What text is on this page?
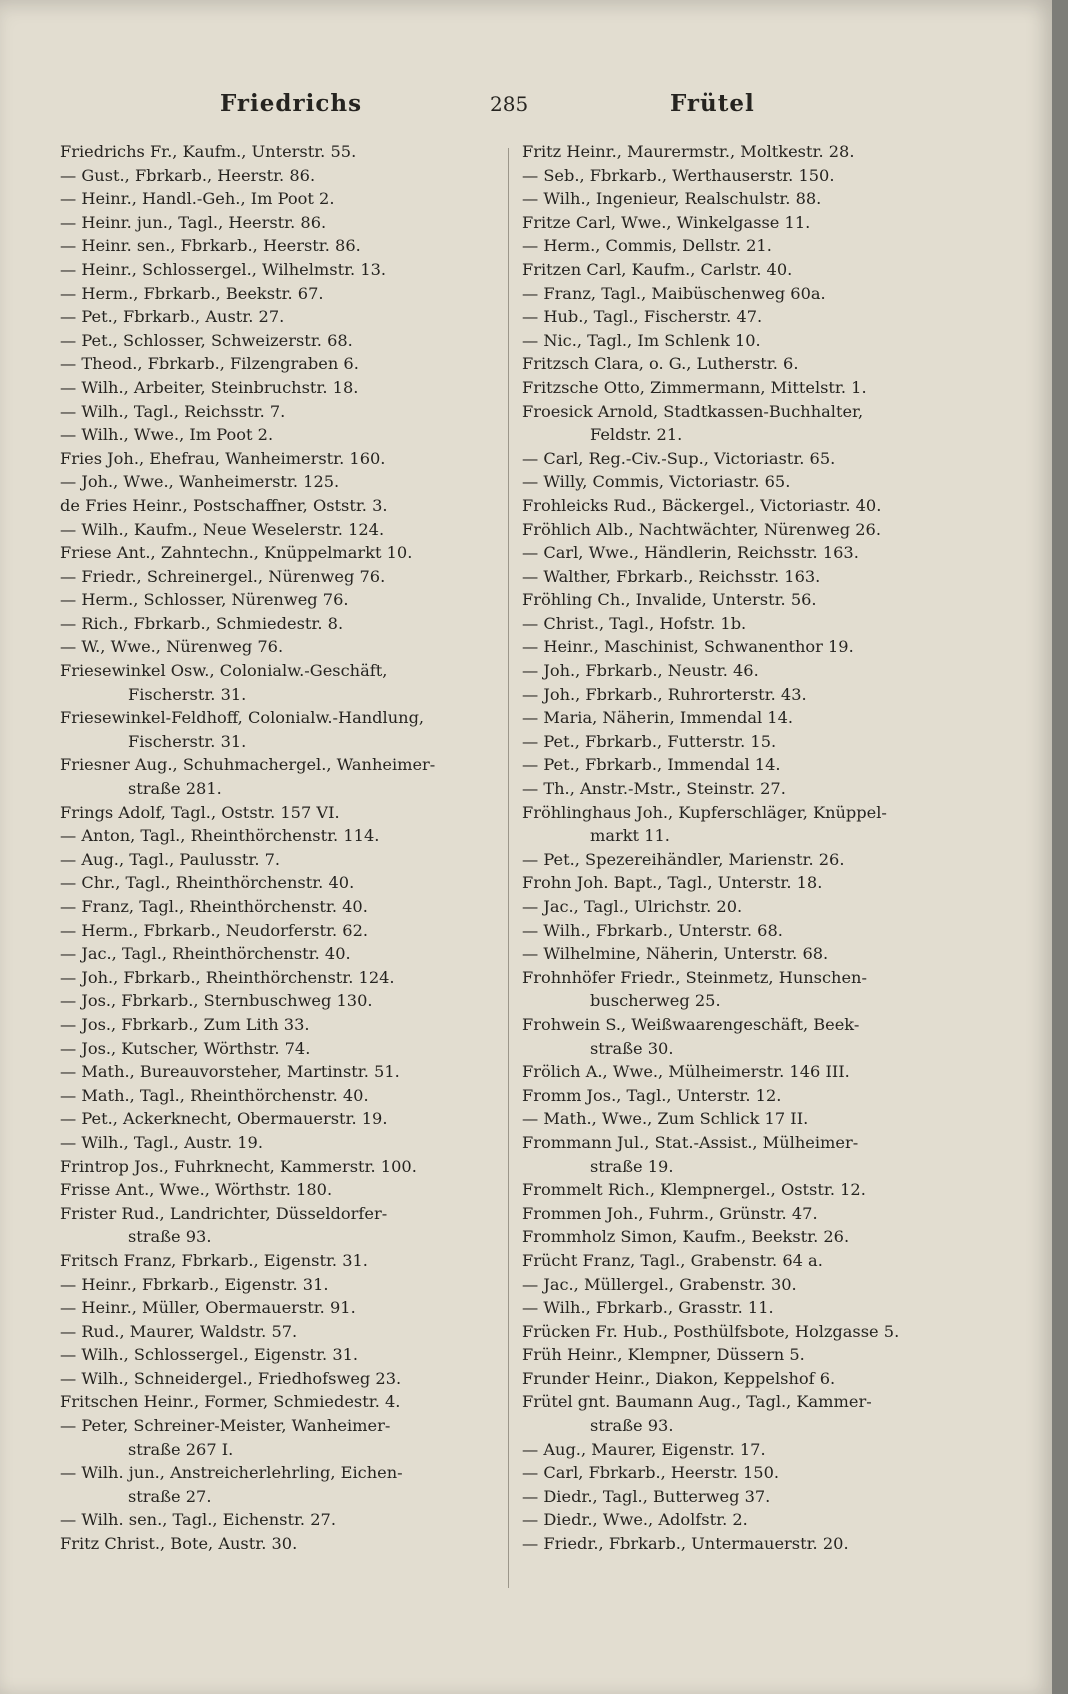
Friedrichs	285	Frütel
Friedrichs Fr., Kaufm., Unterstr. 55.
— Gust., Fbrkarb., Heerstr. 86.
— Heinr., Handl.-Geh., Im Poot 2.
— Heinr. jun., Tagl., Heerstr. 86.
— Heinr. sen., Fbrkarb., Heerstr. 86.
— Heinr., Schlossergel., Wilhelmstr. 13.
— Herm., Fbrkarb., Beekstr. 67.
— Pet., Fbrkarb., Austr. 27.
— Pet., Schlosser, Schweizerstr. 68.
— Theod., Fbrkarb., Filzengraben 6.
— Wilh., Arbeiter, Steinbruchstr. 18.
— Wilh., Tagl., Reichsstr. 7.
— Wilh., Wwe., Im Poot 2.
Fries Joh., Ehefrau, Wanheimerstr. 160.
— Joh., Wwe., Wanheimerstr. 125.
de Fries Heinr., Postschaffner, Oststr. 3.
— Wilh., Kaufm., Neue Weselerstr. 124.
Friese Ant., Zahntechn., Knüppelmarkt 10.
— Friedr., Schreinergel., Nürenweg 76.
— Herm., Schlosser, Nürenweg 76.
— Rich., Fbrkarb., Schmiedestr. 8.
— W., Wwe., Nürenweg 76.
Friesewinkel Osw., Colonialw.-Geschäft,
Fischerstr. 31.
Friesewinkel-Feldhoff, Colonialw.-Handlung,
Fischerstr. 31.
Friesner Aug., Schuhmachergel., Wanheimer-
straße 281.
Frings Adolf, Tagl., Oststr. 157 VI.
— Anton, Tagl., Rheinthörchenstr. 114.
— Aug., Tagl., Paulusstr. 7.
— Chr., Tagl., Rheinthörchenstr. 40.
— Franz, Tagl., Rheinthörchenstr. 40.
— Herm., Fbrkarb., Neudorferstr. 62.
— Jac., Tagl., Rheinthörchenstr. 40.
— Joh., Fbrkarb., Rheinthörchenstr. 124.
— Jos., Fbrkarb., Sternbuschweg 130.
— Jos., Fbrkarb., Zum Lith 33.
— Jos., Kutscher, Wörthstr. 74.
— Math., Bureauvorsteher, Martinstr. 51.
— Math., Tagl., Rheinthörchenstr. 40.
— Pet., Ackerknecht, Obermauerstr. 19.
— Wilh., Tagl., Austr. 19.
Frintrop Jos., Fuhrknecht, Kammerstr. 100.
Frisse Ant., Wwe., Wörthstr. 180.
Frister Rud., Landrichter, Düsseldorfer-
straße 93.
Fritsch Franz, Fbrkarb., Eigenstr. 31.
— Heinr., Fbrkarb., Eigenstr. 31.
— Heinr., Müller, Obermauerstr. 91.
— Rud., Maurer, Waldstr. 57.
— Wilh., Schlossergel., Eigenstr. 31.
— Wilh., Schneidergel., Friedhofsweg 23.
Fritschen Heinr., Former, Schmiedestr. 4.
— Peter, Schreiner-Meister, Wanheimer-
straße 267 I.
— Wilh. jun., Anstreicherlehrling, Eichen-
straße 27.
— Wilh. sen., Tagl., Eichenstr. 27.
Fritz Christ., Bote, Austr. 30.
Fritz Heinr., Maurermstr., Moltkestr. 28.
— Seb., Fbrkarb., Werthauserstr. 150.
— Wilh., Ingenieur, Realschulstr. 88.
Fritze Carl, Wwe., Winkelgasse 11.
— Herm., Commis, Dellstr. 21.
Fritzen Carl, Kaufm., Carlstr. 40.
— Franz, Tagl., Maibüschenweg 60a.
— Hub., Tagl., Fischerstr. 47.
— Nic., Tagl., Im Schlenk 10.
Fritzsch Clara, o. G., Lutherstr. 6.
Fritzsche Otto, Zimmermann, Mittelstr. 1.
Froesick Arnold, Stadtkassen-Buchhalter,
Feldstr. 21.
— Carl, Reg.-Civ.-Sup., Victoriastr. 65.
— Willy, Commis, Victoriastr. 65.
Frohleicks Rud., Bäckergel., Victoriastr. 40.
Fröhlich Alb., Nachtwächter, Nürenweg 26.
— Carl, Wwe., Händlerin, Reichsstr. 163.
— Walther, Fbrkarb., Reichsstr. 163.
Fröhling Ch., Invalide, Unterstr. 56.
— Christ., Tagl., Hofstr. 1b.
— Heinr., Maschinist, Schwanenthor 19.
— Joh., Fbrkarb., Neustr. 46.
— Joh., Fbrkarb., Ruhrorterstr. 43.
— Maria, Näherin, Immendal 14.
— Pet., Fbrkarb., Futterstr. 15.
— Pet., Fbrkarb., Immendal 14.
— Th., Anstr.-Mstr., Steinstr. 27.
Fröhlinghaus Joh., Kupferschläger, Knüppel-
markt 11.
— Pet., Spezereihändler, Marienstr. 26.
Frohn Joh. Bapt., Tagl., Unterstr. 18.
— Jac., Tagl., Ulrichstr. 20.
— Wilh., Fbrkarb., Unterstr. 68.
— Wilhelmine, Näherin, Unterstr. 68.
Frohnhöfer Friedr., Steinmetz, Hunschen-
buscherweg 25.
Frohwein S., Weißwaarengeschäft, Beek-
straße 30.
Frölich A., Wwe., Mülheimerstr. 146 III.
Fromm Jos., Tagl., Unterstr. 12.
— Math., Wwe., Zum Schlick 17 II.
Frommann Jul., Stat.-Assist., Mülheimer-
straße 19.
Frommelt Rich., Klempnergel., Oststr. 12.
Frommen Joh., Fuhrm., Grünstr. 47.
Frommholz Simon, Kaufm., Beekstr. 26.
Frücht Franz, Tagl., Grabenstr. 64 a.
— Jac., Müllergel., Grabenstr. 30.
— Wilh., Fbrkarb., Grasstr. 11.
Frücken Fr. Hub., Posthülfsbote, Holzgasse 5.
Früh Heinr., Klempner, Düssern 5.
Frunder Heinr., Diakon, Keppelshof 6.
Frütel gnt. Baumann Aug., Tagl., Kammer-
straße 93.
— Aug., Maurer, Eigenstr. 17.
— Carl, Fbrkarb., Heerstr. 150.
— Diedr., Tagl., Butterweg 37.
— Diedr., Wwe., Adolfstr. 2.
— Friedr., Fbrkarb., Untermauerstr. 20.
